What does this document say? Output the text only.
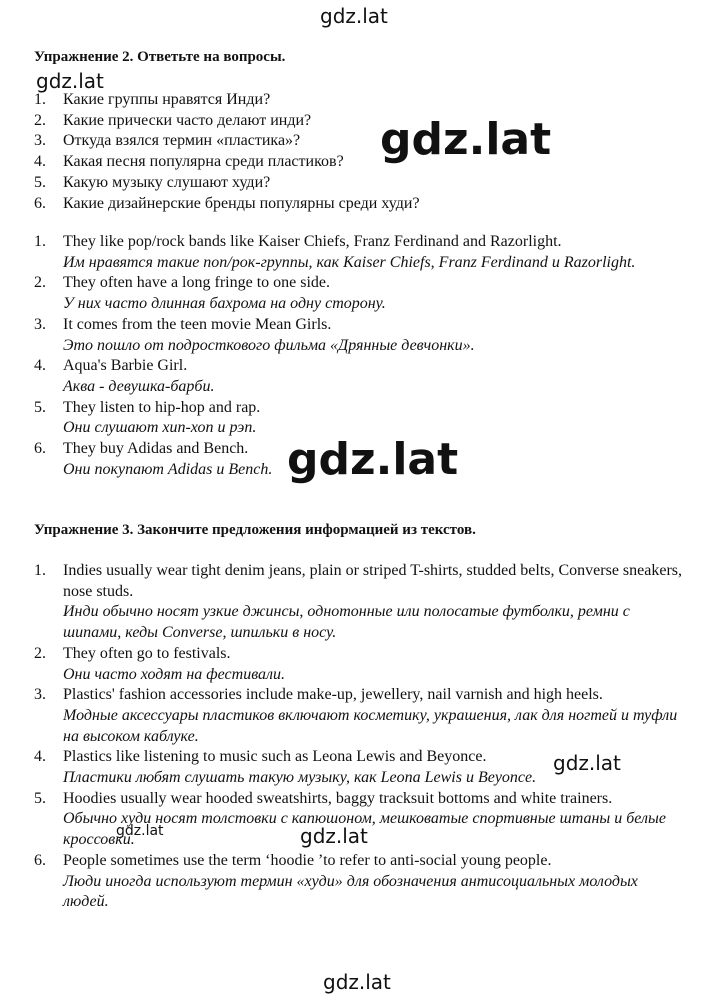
Упражнение 2. Ответьте на вопросы.
1. Какие группы нравятся Инди?
2. Какие прически часто делают инди?
3. Откуда взялся термин «пластика»?
4. Какая песня популярна среди пластиков?
5. Какую музыку слушают худи?
6. Какие дизайнерские бренды популярны среди худи?
1. They like pop/rock bands like Kaiser Chiefs, Franz Ferdinand and Razorlight.
Им нравятся такие поп/рок-группы, как Kaiser Chiefs, Franz Ferdinand и Razorlight.
2. They often have a long fringe to one side.
У них часто длинная бахрома на одну сторону.
3. It comes from the teen movie Mean Girls.
Это пошло от подросткового фильма «Дрянные девчонки».
4. Aqua's Barbie Girl.
Аква - девушка-барби.
5. They listen to hip-hop and rap.
Они слушают хип-хоп и рэп.
6. They buy Adidas and Bench.
Они покупают Adidas и Bench.
Упражнение 3. Закончите предложения информацией из текстов.
1. Indies usually wear tight denim jeans, plain or striped T-shirts, studded belts, Converse sneakers, nose studs.
Инди обычно носят узкие джинсы, однотонные или полосатые футболки, ремни с шипами, кеды Converse, шпильки в носу.
2. They often go to festivals.
Они часто ходят на фестивали.
3. Plastics' fashion accessories include make-up, jewellery, nail varnish and high heels.
Модные аксессуары пластиков включают косметику, украшения, лак для ногтей и туфли на высоком каблуке.
4. Plastics like listening to music such as Leona Lewis and Beyonce.
Пластики любят слушать такую музыку, как Leona Lewis и Beyonce.
5. Hoodies usually wear hooded sweatshirts, baggy tracksuit bottoms and white trainers.
Обычно худи носят толстовки с капюшоном, мешковатые спортивные штаны и белые кроссовки.
6. People sometimes use the term ‘hoodie ’to refer to anti-social young people.
Люди иногда используют термин «худи» для обозначения антисоциальных молодых людей.
gdz.lat
gdz.lat
gdz.lat
gdz.lat
gdz.lat
gdz.lat	gdz.lat
gdz.lat
